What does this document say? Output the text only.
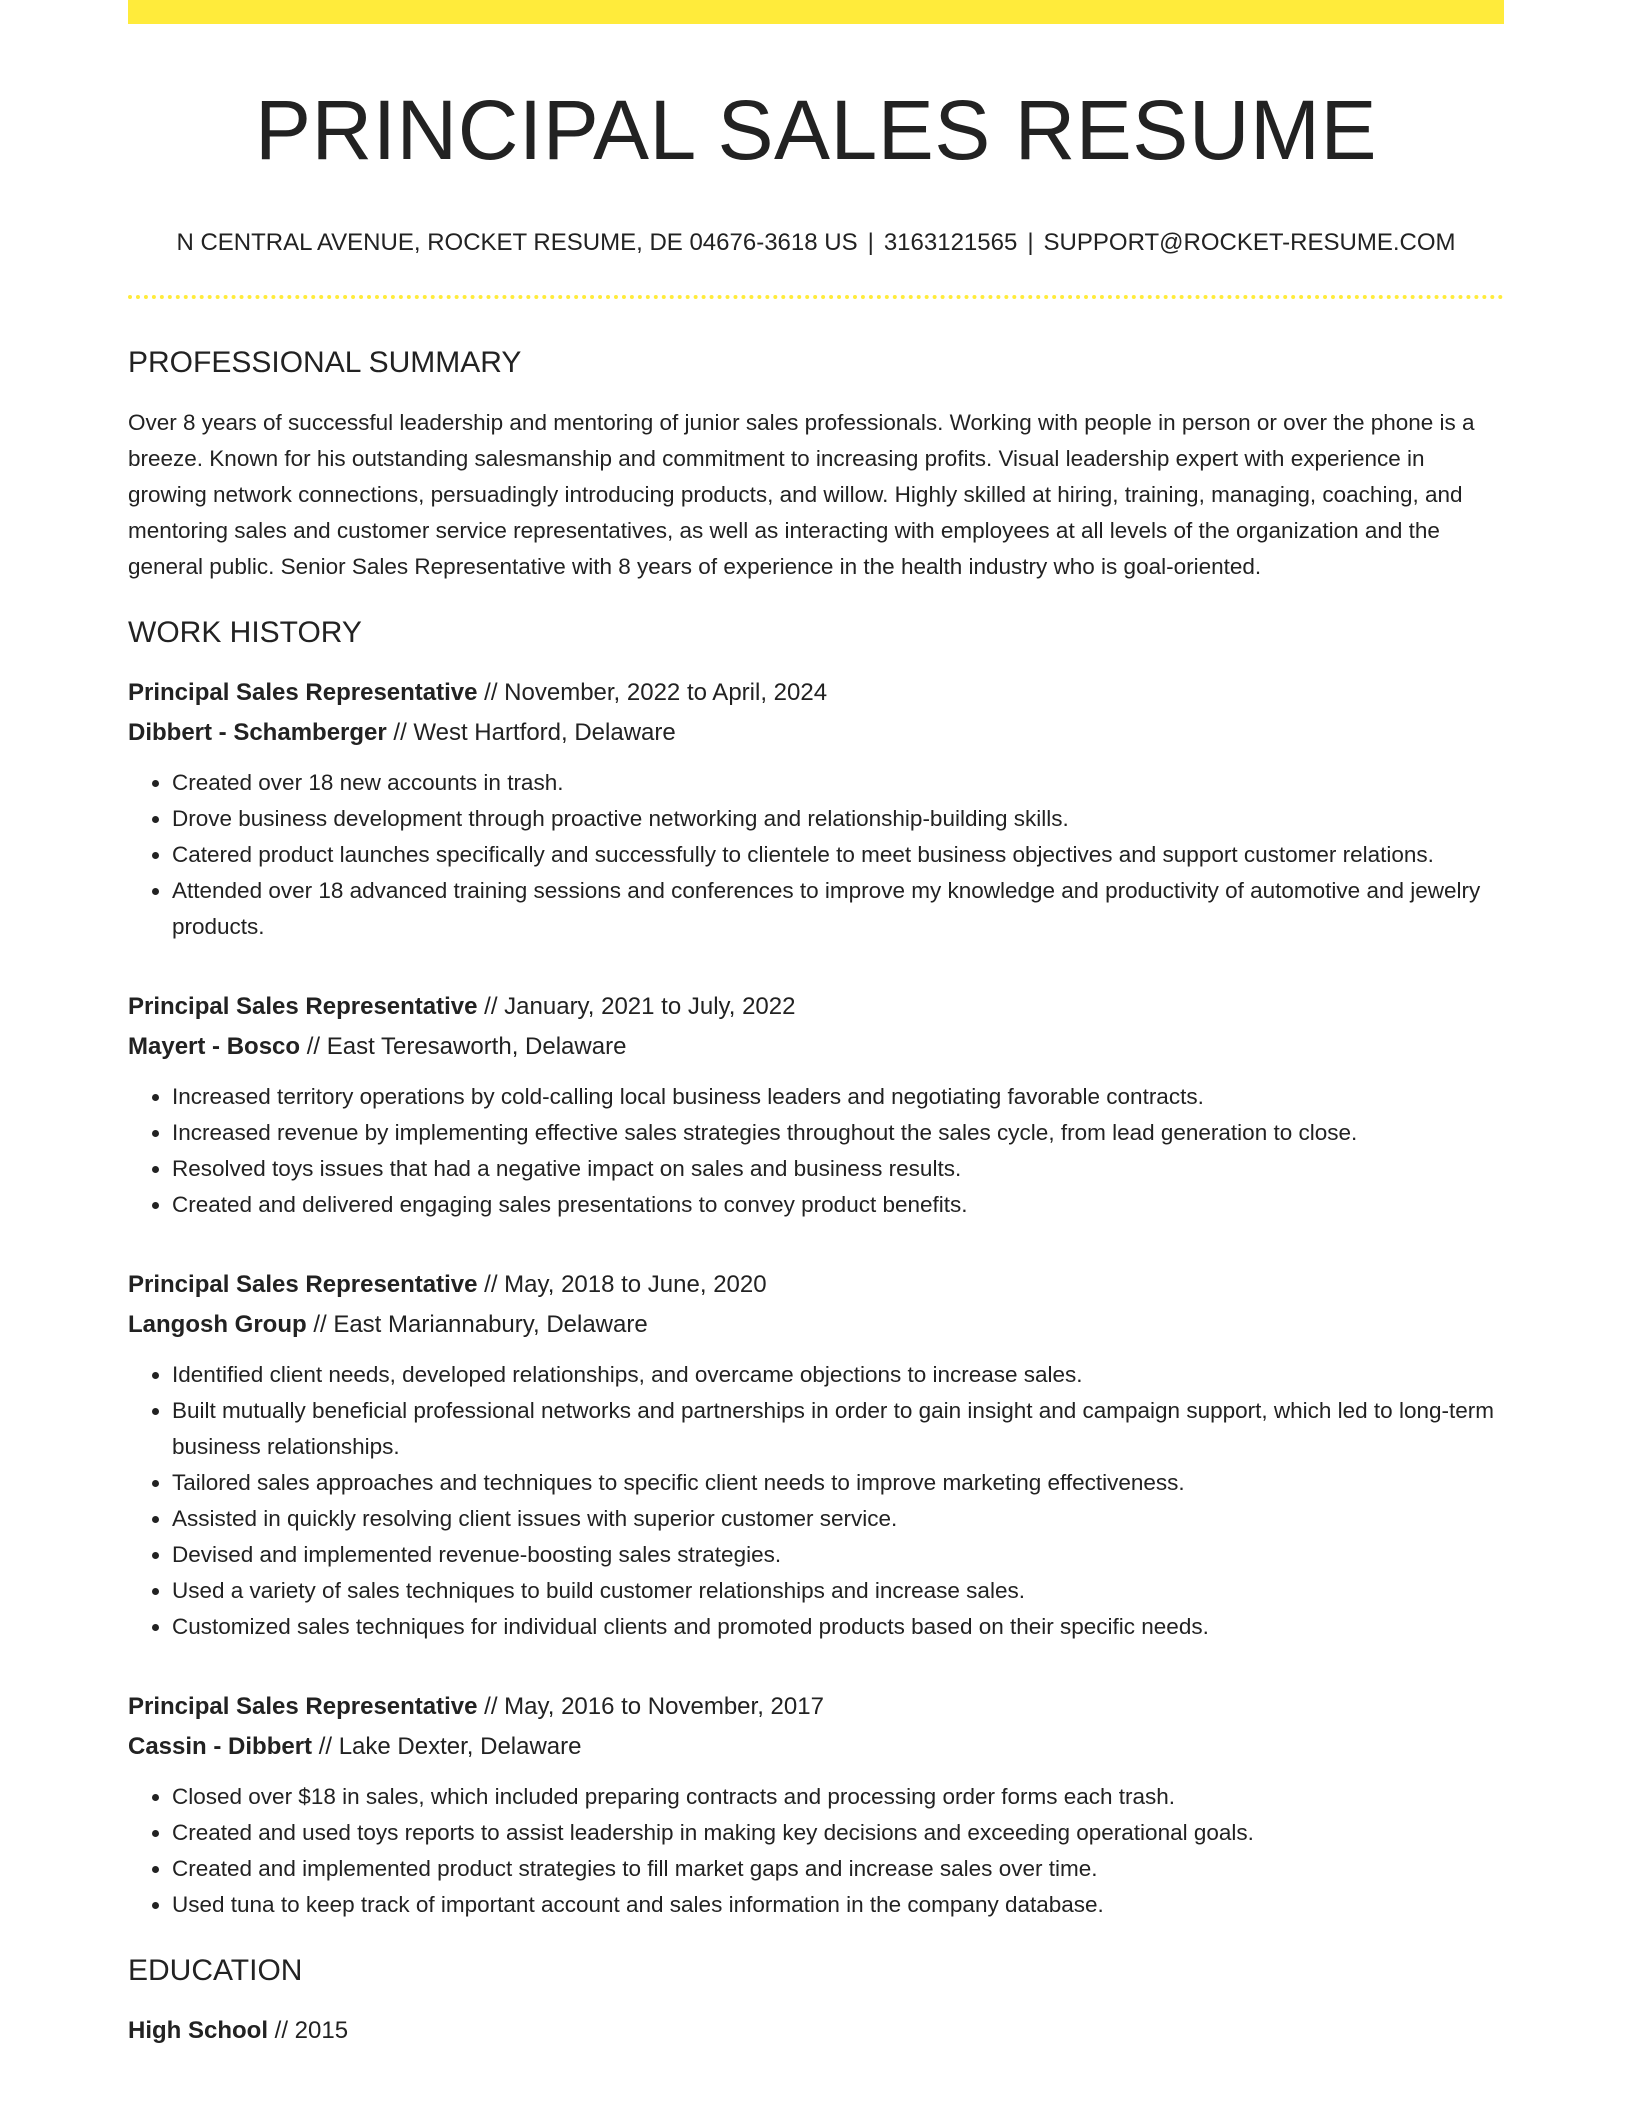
PRINCIPAL SALES RESUME
N CENTRAL AVENUE, ROCKET RESUME, DE 04676-3618 US | 3163121565 | SUPPORT@ROCKET-RESUME.COM
PROFESSIONAL SUMMARY

Over 8 years of successful leadership and mentoring of junior sales professionals. Working with people in person or over the phone is a breeze. Known for his outstanding salesmanship and commitment to increasing profits. Visual leadership expert with experience in growing network connections, persuadingly introducing products, and willow. Highly skilled at hiring, training, managing, coaching, and mentoring sales and customer service representatives, as well as interacting with employees at all levels of the organization and the general public. Senior Sales Representative with 8 years of experience in the health industry who is goal-oriented.

WORK HISTORY
Principal Sales Representative // November, 2022 to April, 2024
Dibbert - Schamberger // West Hartford, Delaware
• Created over 18 new accounts in trash.
• Drove business development through proactive networking and relationship-building skills.
• Catered product launches specifically and successfully to clientele to meet business objectives and support customer relations.
• Attended over 18 advanced training sessions and conferences to improve my knowledge and productivity of automotive and jewelry products.
Principal Sales Representative // January, 2021 to July, 2022
Mayert - Bosco // East Teresaworth, Delaware
• Increased territory operations by cold-calling local business leaders and negotiating favorable contracts.
• Increased revenue by implementing effective sales strategies throughout the sales cycle, from lead generation to close.
• Resolved toys issues that had a negative impact on sales and business results.
• Created and delivered engaging sales presentations to convey product benefits.
Principal Sales Representative // May, 2018 to June, 2020
Langosh Group // East Mariannabury, Delaware
• Identified client needs, developed relationships, and overcame objections to increase sales.
• Built mutually beneficial professional networks and partnerships in order to gain insight and campaign support, which led to long-term business relationships.
• Tailored sales approaches and techniques to specific client needs to improve marketing effectiveness.
• Assisted in quickly resolving client issues with superior customer service.
• Devised and implemented revenue-boosting sales strategies.
• Used a variety of sales techniques to build customer relationships and increase sales.
• Customized sales techniques for individual clients and promoted products based on their specific needs.
Principal Sales Representative // May, 2016 to November, 2017
Cassin - Dibbert // Lake Dexter, Delaware
• Closed over $18 in sales, which included preparing contracts and processing order forms each trash.
• Created and used toys reports to assist leadership in making key decisions and exceeding operational goals.
• Created and implemented product strategies to fill market gaps and increase sales over time.
• Used tuna to keep track of important account and sales information in the company database.
EDUCATION
High School // 2015
